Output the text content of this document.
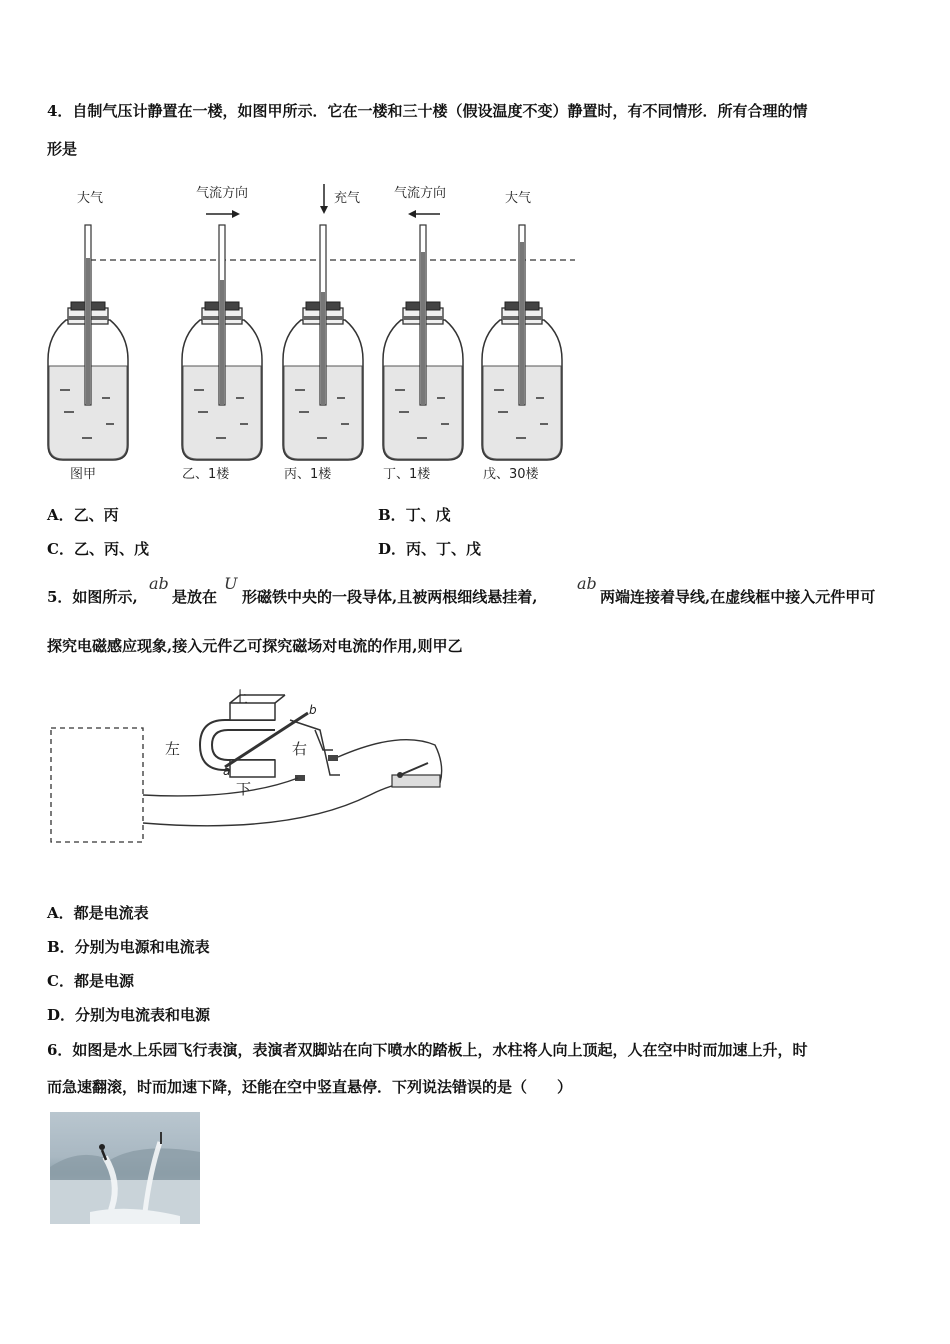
4．自制气压计静置在一楼，如图甲所示．它在一楼和三十楼（假设温度不变）静置时，有不同情形．所有合理的情
形是
大气	气流方向	充气	气流方向	大气
图甲	乙、1楼	丙、1楼	丁、1楼	戊、30楼
A．乙、丙	B．丁、戊
C．乙、丙、戊	D．丙、丁、戊
5．如图所示,
ab
是放在
U
形磁铁中央的一段导体,且被两根细线悬挂着,
ab
两端连接着导线,在虚线框中接入元件甲可
探究电磁感应现象,接入元件乙可探究磁场对电流的作用,则甲乙
上
左	右
下
b
a
A．都是电流表
B．分别为电源和电流表
C．都是电源
D．分别为电流表和电源
6．如图是水上乐园飞行表演，表演者双脚站在向下喷水的踏板上，水柱将人向上顶起，人在空中时而加速上升，时
而急速翻滚，时而加速下降，还能在空中竖直悬停．下列说法错误的是（　　）
